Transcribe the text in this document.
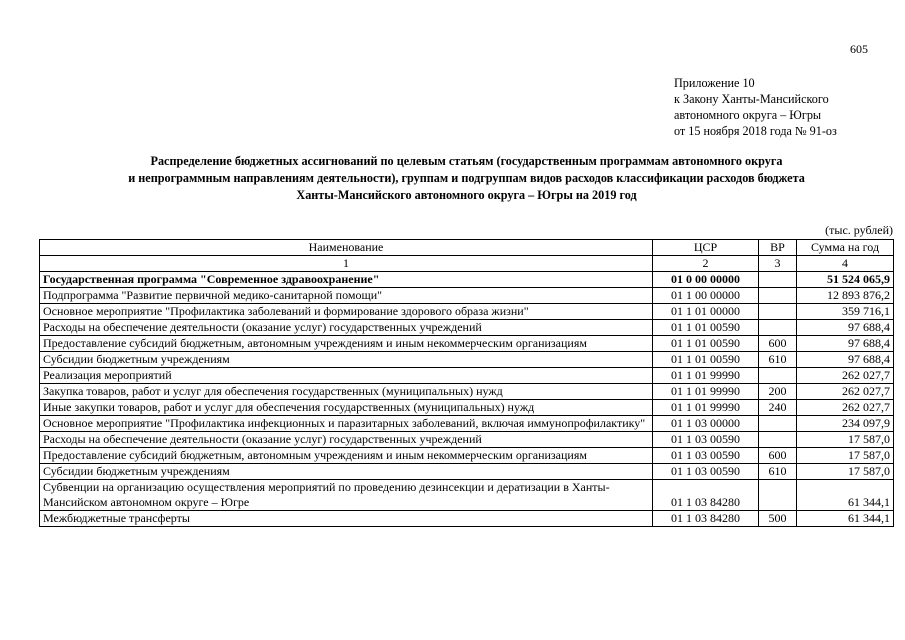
605
Приложение 10
к Закону Ханты-Мансийского
автономного округа – Югры
от 15 ноября 2018 года № 91-оз
Распределение бюджетных ассигнований по целевым статьям (государственным программам автономного округа
и непрограммным направлениям деятельности), группам и подгруппам видов расходов классификации расходов бюджета
Ханты-Мансийского автономного округа – Югры на 2019 год
(тыс. рублей)
Наименование	ЦСР	ВР	Сумма на год
1	2	3	4
Государственная программа "Современное здравоохранение"	01 0 00 00000		51 524 065,9
Подпрограмма "Развитие первичной медико-санитарной помощи"	01 1 00 00000		12 893 876,2
Основное мероприятие "Профилактика заболеваний и формирование здорового образа жизни"	01 1 01 00000		359 716,1
Расходы на обеспечение деятельности (оказание услуг) государственных учреждений	01 1 01 00590		97 688,4
Предоставление субсидий бюджетным, автономным учреждениям и иным некоммерческим организациям	01 1 01 00590	600	97 688,4
Субсидии бюджетным учреждениям	01 1 01 00590	610	97 688,4
Реализация мероприятий	01 1 01 99990		262 027,7
Закупка товаров, работ и услуг для обеспечения государственных (муниципальных) нужд	01 1 01 99990	200	262 027,7
Иные закупки товаров, работ и услуг для обеспечения государственных (муниципальных) нужд	01 1 01 99990	240	262 027,7
Основное мероприятие "Профилактика инфекционных и паразитарных заболеваний, включая иммунопрофилактику"	01 1 03 00000		234 097,9
Расходы на обеспечение деятельности (оказание услуг) государственных учреждений	01 1 03 00590		17 587,0
Предоставление субсидий бюджетным, автономным учреждениям и иным некоммерческим организациям	01 1 03 00590	600	17 587,0
Субсидии бюджетным учреждениям	01 1 03 00590	610	17 587,0
Субвенции на организацию осуществления мероприятий по проведению дезинсекции и дератизации в Ханты-Мансийском автономном округе – Югре	01 1 03 84280		61 344,1
Межбюджетные трансферты	01 1 03 84280	500	61 344,1
